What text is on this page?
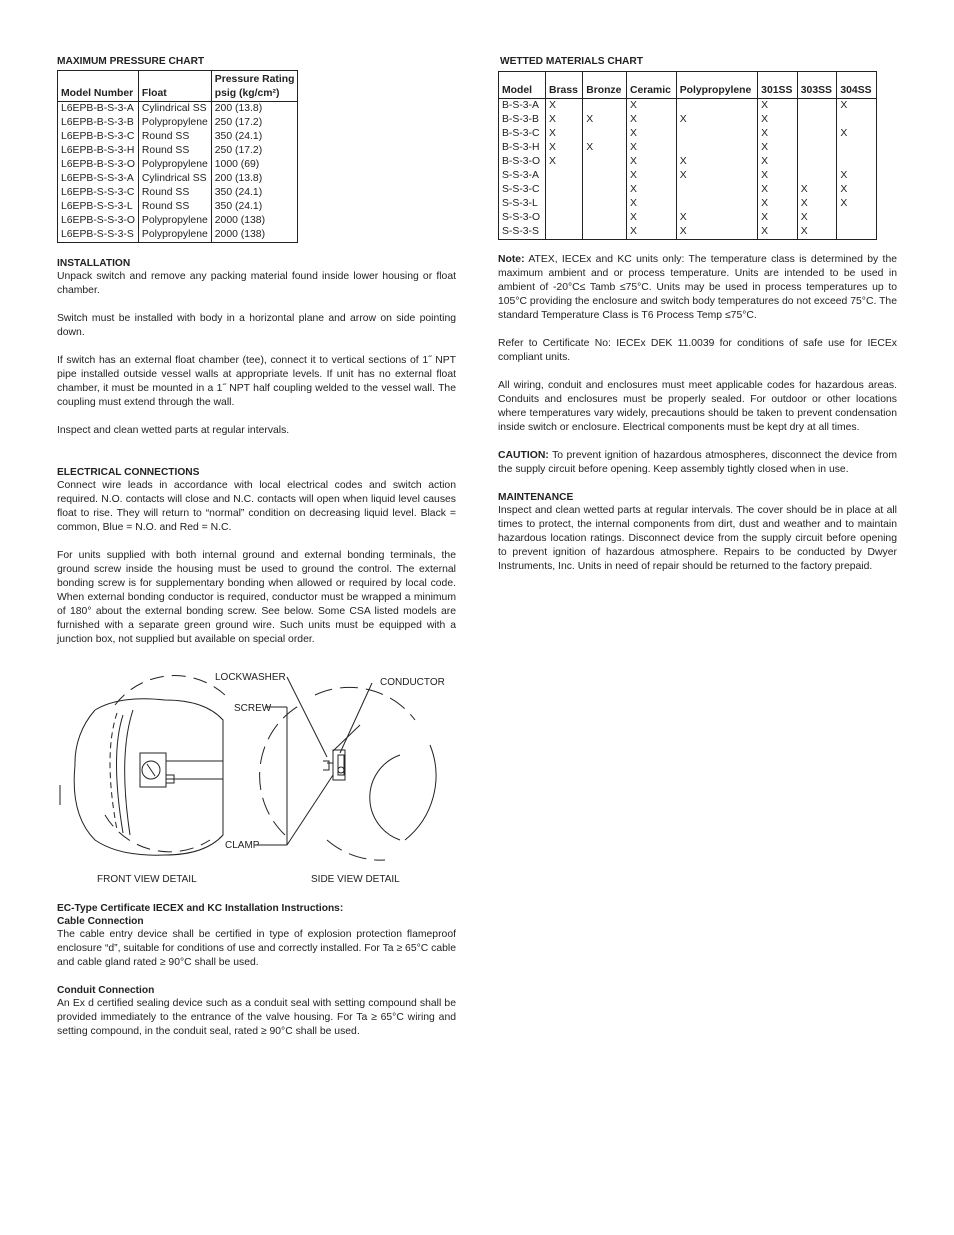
MAXIMUM PRESSURE CHART
Model Number	Float	Pressure Rating
psig (kg/cm²)

L6EPB-B-S-3-A	Cylindrical SS	200 (13.8)
L6EPB-B-S-3-B	Polypropylene	250 (17.2)
L6EPB-B-S-3-C	Round SS	350 (24.1)
L6EPB-B-S-3-H	Round SS	250 (17.2)
L6EPB-B-S-3-O	Polypropylene	1000 (69)
L6EPB-S-S-3-A	Cylindrical SS	200 (13.8)
L6EPB-S-S-3-C	Round SS	350 (24.1)
L6EPB-S-S-3-L	Round SS	350 (24.1)
L6EPB-S-S-3-O	Polypropylene	2000 (138)
L6EPB-S-S-3-S	Polypropylene	2000 (138)
INSTALLATION

Unpack switch and remove any packing material found inside lower housing or float chamber.

Switch must be installed with body in a horizontal plane and arrow on side pointing down.

If switch has an external float chamber (tee), connect it to vertical sections of 1˝ NPT pipe installed outside vessel walls at appropriate levels. If unit has no external float chamber, it must be mounted in a 1˝ NPT half coupling welded to the vessel wall. The coupling must extend through the wall.

Inspect and clean wetted parts at regular intervals.

ELECTRICAL CONNECTIONS

Connect wire leads in accordance with local electrical codes and switch action required. N.O. contacts will close and N.C. contacts will open when liquid level causes float to rise. They will return to “normal” condition on decreasing liquid level. Black = common, Blue = N.O. and Red = N.C.

For units supplied with both internal ground and external bonding terminals, the ground screw inside the housing must be used to ground the control. The external bonding screw is for supplementary bonding when allowed or required by local code. When external bonding conductor is required, conductor must be wrapped a minimum of 180° about the external bonding screw. See below. Some CSA listed models are furnished with a separate green ground wire. Such units must be equipped with a junction box, not supplied but available on special order.

LOCKWASHER	CONDUCTOR
SCREW
CLAMP
FRONT VIEW DETAIL	SIDE VIEW DETAIL
EC-Type Certificate IECEX and KC Installation Instructions:
Cable Connection

The cable entry device shall be certified in type of explosion protection flameproof enclosure “d”, suitable for conditions of use and correctly installed. For Ta ≥ 65°C cable and cable gland rated ≥ 90°C shall be used.

Conduit Connection

An Ex d certified sealing device such as a conduit seal with setting compound shall be provided immediately to the entrance of the valve housing. For Ta ≥ 65°C wiring and setting compound, in the conduit seal, rated ≥ 90°C shall be used.

WETTED MATERIALS CHART
Model	Brass	Bronze	Ceramic	Polypropylene	301SS	303SS	304SS
B-S-3-A	X		X		X		X
B-S-3-B	X	X	X	X	X		
B-S-3-C	X		X		X		X
B-S-3-H	X	X	X		X		
B-S-3-O	X		X	X	X		
S-S-3-A			X	X	X		X
S-S-3-C			X		X	X	X
S-S-3-L			X		X	X	X
S-S-3-O			X	X	X	X	
S-S-3-S			X	X	X	X	

Note: ATEX, IECEx and KC units only: The temperature class is determined by the maximum ambient and or process temperature. Units are intended to be used in ambient of -20°C≤ Tamb ≤75°C. Units may be used in process temperatures up to 105°C providing the enclosure and switch body temperatures do not exceed 75°C. The standard Temperature Class is T6 Process Temp ≤75°C.

Refer to Certificate No: IECEx DEK 11.0039 for conditions of safe use for IECEx compliant units.

All wiring, conduit and enclosures must meet applicable codes for hazardous areas. Conduits and enclosures must be properly sealed. For outdoor or other locations where temperatures vary widely, precautions should be taken to prevent condensation inside switch or enclosure. Electrical components must be kept dry at all times.

CAUTION: To prevent ignition of hazardous atmospheres, disconnect the device from the supply circuit before opening. Keep assembly tightly closed when in use.

MAINTENANCE

Inspect and clean wetted parts at regular intervals. The cover should be in place at all times to protect, the internal components from dirt, dust and weather and to maintain hazardous location ratings. Disconnect device from the supply circuit before opening to prevent ignition of hazardous atmosphere. Repairs to be conducted by Dwyer Instruments, Inc. Units in need of repair should be returned to the factory prepaid.
